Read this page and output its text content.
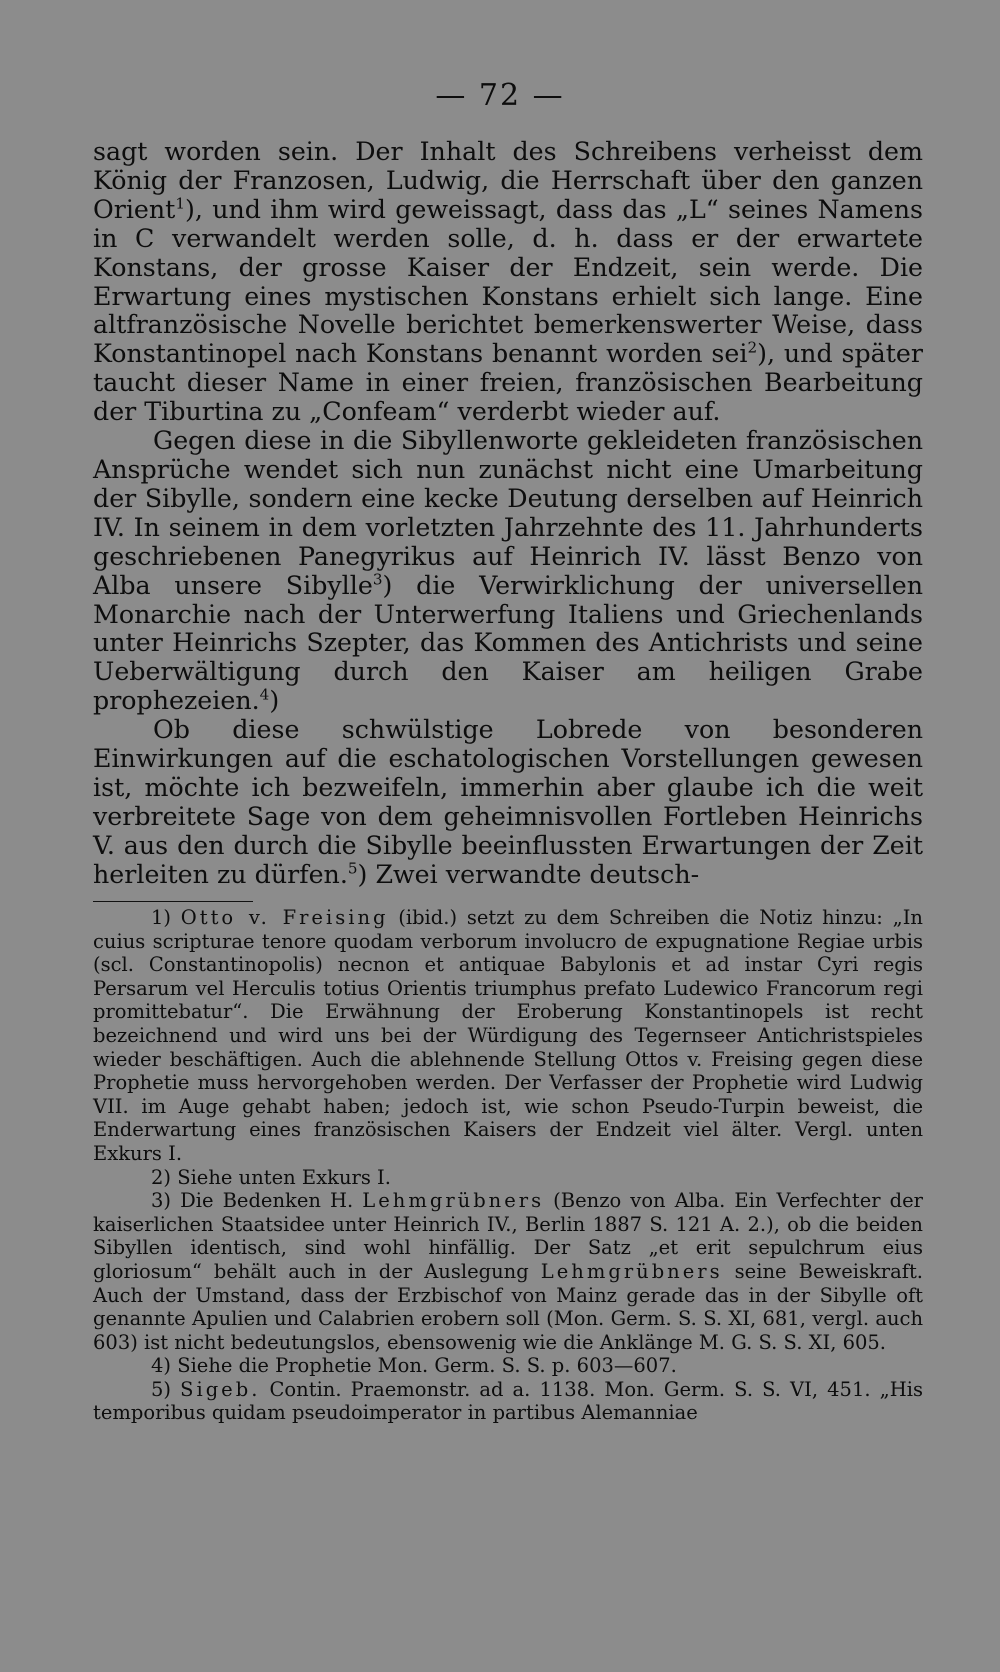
— 72 —

sagt worden sein. Der Inhalt des Schreibens verheisst dem König der Franzosen, Ludwig, die Herrschaft über den ganzen Orient$^1$), und ihm wird geweissagt, dass das „L“ seines Namens in C verwandelt werden solle, d. h. dass er der erwartete Konstans, der grosse Kaiser der Endzeit, sein werde. Die Erwartung eines mystischen Konstans erhielt sich lange. Eine altfranzösische Novelle berichtet bemerkenswerter Weise, dass Konstantinopel nach Konstans benannt worden sei$^2$), und später taucht dieser Name in einer freien, französischen Bearbeitung der Tiburtina zu „Confeam“ verderbt wieder auf.

Gegen diese in die Sibyllenworte gekleideten französischen Ansprüche wendet sich nun zunächst nicht eine Umarbeitung der Sibylle, sondern eine kecke Deutung derselben auf Heinrich IV. In seinem in dem vorletzten Jahrzehnte des 11. Jahrhunderts geschriebenen Panegyrikus auf Heinrich IV. lässt Benzo von Alba unsere Sibylle$^3$) die Verwirklichung der universellen Monarchie nach der Unterwerfung Italiens und Griechenlands unter Heinrichs Szepter, das Kommen des Antichrists und seine Ueberwältigung durch den Kaiser am heiligen Grabe prophezeien.$^4$)

Ob diese schwülstige Lobrede von besonderen Einwirkungen auf die eschatologischen Vorstellungen gewesen ist, möchte ich bezweifeln, immerhin aber glaube ich die weit verbreitete Sage von dem geheimnisvollen Fortleben Heinrichs V. aus den durch die Sibylle beeinflussten Erwartungen der Zeit herleiten zu dürfen.$^5$) Zwei verwandte deutsch-

1) Otto v. Freising (ibid.) setzt zu dem Schreiben die Notiz hinzu: „In cuius scripturae tenore quodam verborum involucro de expugnatione Regiae urbis (scl. Constantinopolis) necnon et antiquae Babylonis et ad instar Cyri regis Persarum vel Herculis totius Orientis triumphus prefato Ludewico Francorum regi promittebatur“. Die Erwähnung der Eroberung Konstantinopels ist recht bezeichnend und wird uns bei der Würdigung des Tegernseer Antichristspieles wieder beschäftigen. Auch die ablehnende Stellung Ottos v. Freising gegen diese Prophetie muss hervorgehoben werden. Der Verfasser der Prophetie wird Ludwig VII. im Auge gehabt haben; jedoch ist, wie schon Pseudo-Turpin beweist, die Enderwartung eines französischen Kaisers der Endzeit viel älter. Vergl. unten Exkurs I.

2) Siehe unten Exkurs I.

3) Die Bedenken H. Lehmgrübners (Benzo von Alba. Ein Verfechter der kaiserlichen Staatsidee unter Heinrich IV., Berlin 1887 S. 121 A. 2.), ob die beiden Sibyllen identisch, sind wohl hinfällig. Der Satz „et erit sepulchrum eius gloriosum“ behält auch in der Auslegung Lehmgrübners seine Beweiskraft. Auch der Umstand, dass der Erzbischof von Mainz gerade das in der Sibylle oft genannte Apulien und Calabrien erobern soll (Mon. Germ. S. S. XI, 681, vergl. auch 603) ist nicht bedeutungslos, ebensowenig wie die Anklänge M. G. S. S. XI, 605.

4) Siehe die Prophetie Mon. Germ. S. S. p. 603—607.

5) Sigeb. Contin. Praemonstr. ad a. 1138. Mon. Germ. S. S. VI, 451. „His temporibus quidam pseudoimperator in partibus Alemanniae
